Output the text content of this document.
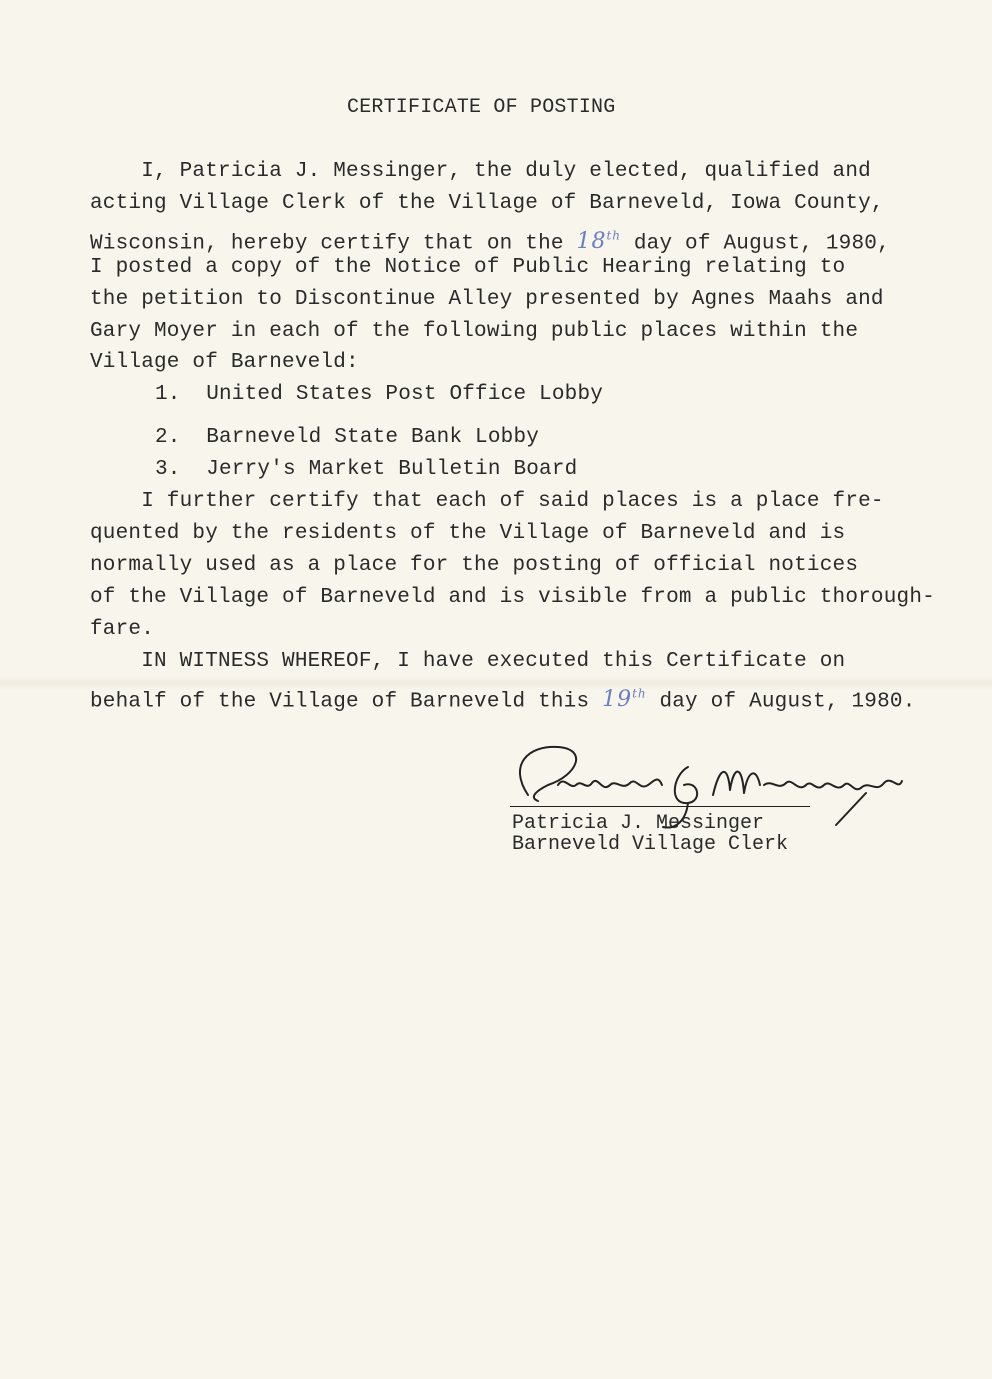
CERTIFICATE OF POSTING
I, Patricia J. Messinger, the duly elected, qualified and
acting Village Clerk of the Village of Barneveld, Iowa County,
Wisconsin, hereby certify that on the 18th day of August, 1980,
I posted a copy of the Notice of Public Hearing relating to
the petition to Discontinue Alley presented by Agnes Maahs and
Gary Moyer in each of the following public places within the
Village of Barneveld:
1.  United States Post Office Lobby
2.  Barneveld State Bank Lobby
3.  Jerry's Market Bulletin Board
I further certify that each of said places is a place fre-
quented by the residents of the Village of Barneveld and is
normally used as a place for the posting of official notices
of the Village of Barneveld and is visible from a public thorough-
fare.
IN WITNESS WHEREOF, I have executed this Certificate on
behalf of the Village of Barneveld this 19th day of August, 1980.
Patricia J. Messinger
Barneveld Village Clerk
